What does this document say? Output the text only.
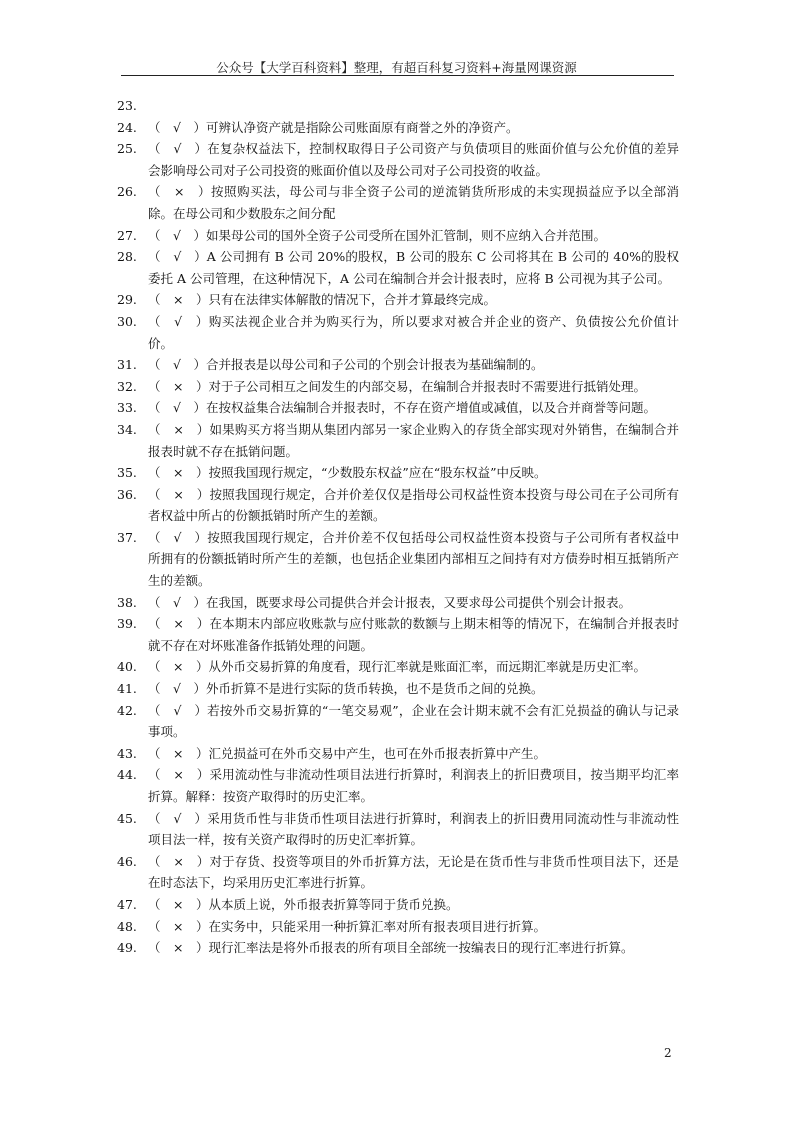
公众号【大学百科资料】整理，有超百科复习资料+海量网课资源
23.

24. （　√　）可辨认净资产就是指除公司账面原有商誉之外的净资产。
25. （　√　）在复杂权益法下，控制权取得日子公司资产与负债项目的账面价值与公允价值的差异会影响母公司对子公司投资的账面价值以及母公司对子公司投资的收益。
26. （　×　）按照购买法，母公司与非全资子公司的逆流销货所形成的未实现损益应予以全部消除。在母公司和少数股东之间分配
27. （　√　）如果母公司的国外全资子公司受所在国外汇管制，则不应纳入合并范围。
28. （　√　）A 公司拥有 B 公司 20%的股权，B 公司的股东 C 公司将其在 B 公司的 40%的股权委托 A 公司管理，在这种情况下，A 公司在编制合并会计报表时，应将 B 公司视为其子公司。
29. （　×　）只有在法律实体解散的情况下，合并才算最终完成。
30. （　√　）购买法视企业合并为购买行为，所以要求对被合并企业的资产、负债按公允价值计价。
31. （　√　）合并报表是以母公司和子公司的个别会计报表为基础编制的。
32. （　×　）对于子公司相互之间发生的内部交易，在编制合并报表时不需要进行抵销处理。
33. （　√　）在按权益集合法编制合并报表时，不存在资产增值或减值，以及合并商誉等问题。
34. （　×　）如果购买方将当期从集团内部另一家企业购入的存货全部实现对外销售，在编制合并报表时就不存在抵销问题。
35. （　×　）按照我国现行规定，“少数股东权益”应在“股东权益”中反映。
36. （　×　）按照我国现行规定，合并价差仅仅是指母公司权益性资本投资与母公司在子公司所有者权益中所占的份额抵销时所产生的差额。
37. （　√　）按照我国现行规定，合并价差不仅包括母公司权益性资本投资与子公司所有者权益中所拥有的份额抵销时所产生的差额，也包括企业集团内部相互之间持有对方债券时相互抵销所产生的差额。
38. （　√　）在我国，既要求母公司提供合并会计报表，又要求母公司提供个别会计报表。
39. （　×　）在本期末内部应收账款与应付账款的数额与上期末相等的情况下，在编制合并报表时就不存在对坏账准备作抵销处理的问题。
40. （　×　）从外币交易折算的角度看，现行汇率就是账面汇率，而远期汇率就是历史汇率。
41. （　√　）外币折算不是进行实际的货币转换，也不是货币之间的兑换。
42. （　√　）若按外币交易折算的“一笔交易观”，企业在会计期末就不会有汇兑损益的确认与记录事项。
43. （　×　）汇兑损益可在外币交易中产生，也可在外币报表折算中产生。
44. （　×　）采用流动性与非流动性项目法进行折算时，利润表上的折旧费项目，按当期平均汇率折算。解释：按资产取得时的历史汇率。
45. （　√　）采用货币性与非货币性项目法进行折算时，利润表上的折旧费用同流动性与非流动性项目法一样，按有关资产取得时的历史汇率折算。
46. （　×　）对于存货、投资等项目的外币折算方法，无论是在货币性与非货币性项目法下，还是在时态法下，均采用历史汇率进行折算。
47. （　×　）从本质上说，外币报表折算等同于货币兑换。
48. （　×　）在实务中，只能采用一种折算汇率对所有报表项目进行折算。
49. （　×　）现行汇率法是将外币报表的所有项目全部统一按编表日的现行汇率进行折算。
2
